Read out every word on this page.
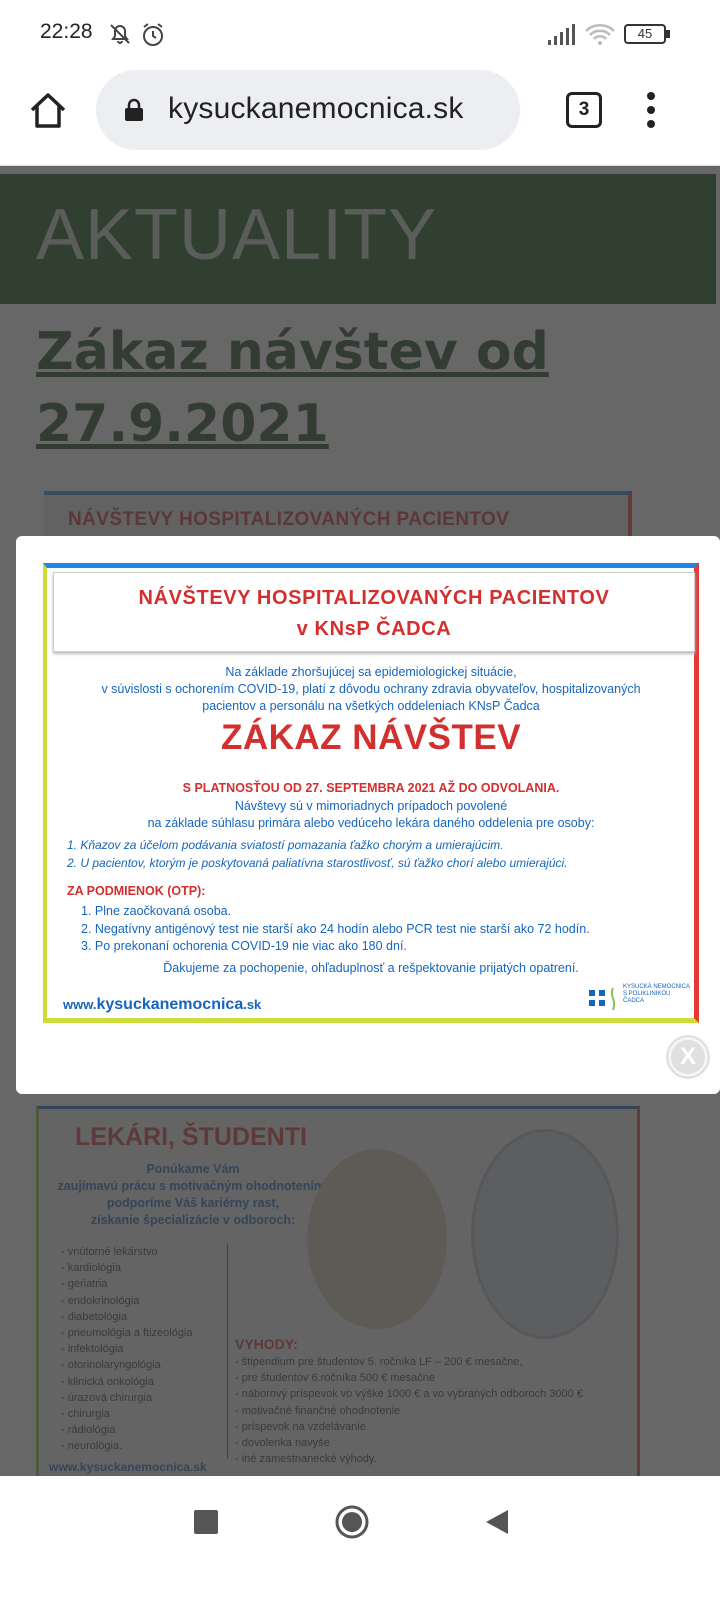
22:28	45
kysuckanemocnica.sk	3

-
-
-
-
-
-
-
-
-
-
-
-
-
-
-
-
-
-
-
-
NÁVŠTEVY HOSPITALIZOVANÝCH PACIENTOV
v KNsP ČADCA
Na základe zhoršujúcej sa epidemiologickej situácie,
v súvislosti s ochorením COVID-19, platí z dôvodu ochrany zdravia obyvateľov, hospitalizovaných
pacientov a personálu na všetkých oddeleniach KNsP Čadca
ZÁKAZ NÁVŠTEV
S PLATNOSŤOU OD 27. SEPTEMBRA 2021 AŽ DO ODVOLANIA.
Návštevy sú v mimoriadnych prípadoch povolené
na základe súhlasu primára alebo vedúceho lekára daného oddelenia pre osoby:
1. Kňazov za účelom podávania sviatostí pomazania ťažko chorým a umierajúcim.
2. U pacientov, ktorým je poskytovaná paliatívna starostlivosť, sú ťažko chorí alebo umierajúci.
ZA PODMIENOK (OTP):
1. Plne zaočkovaná osoba.
2. Negatívny antigénový test nie starší ako 24 hodín alebo PCR test nie starší ako 72 hodín.
3. Po prekonaní ochorenia COVID-19 nie viac ako 180 dní.
Ďakujeme za pochopenie, ohľaduplnosť a rešpektovanie prijatých opatrení.
www.kysuckanemocnica.sk
KYSUCKÁ NEMOCNICA S POLIKLINIKOU ČADCA
X
